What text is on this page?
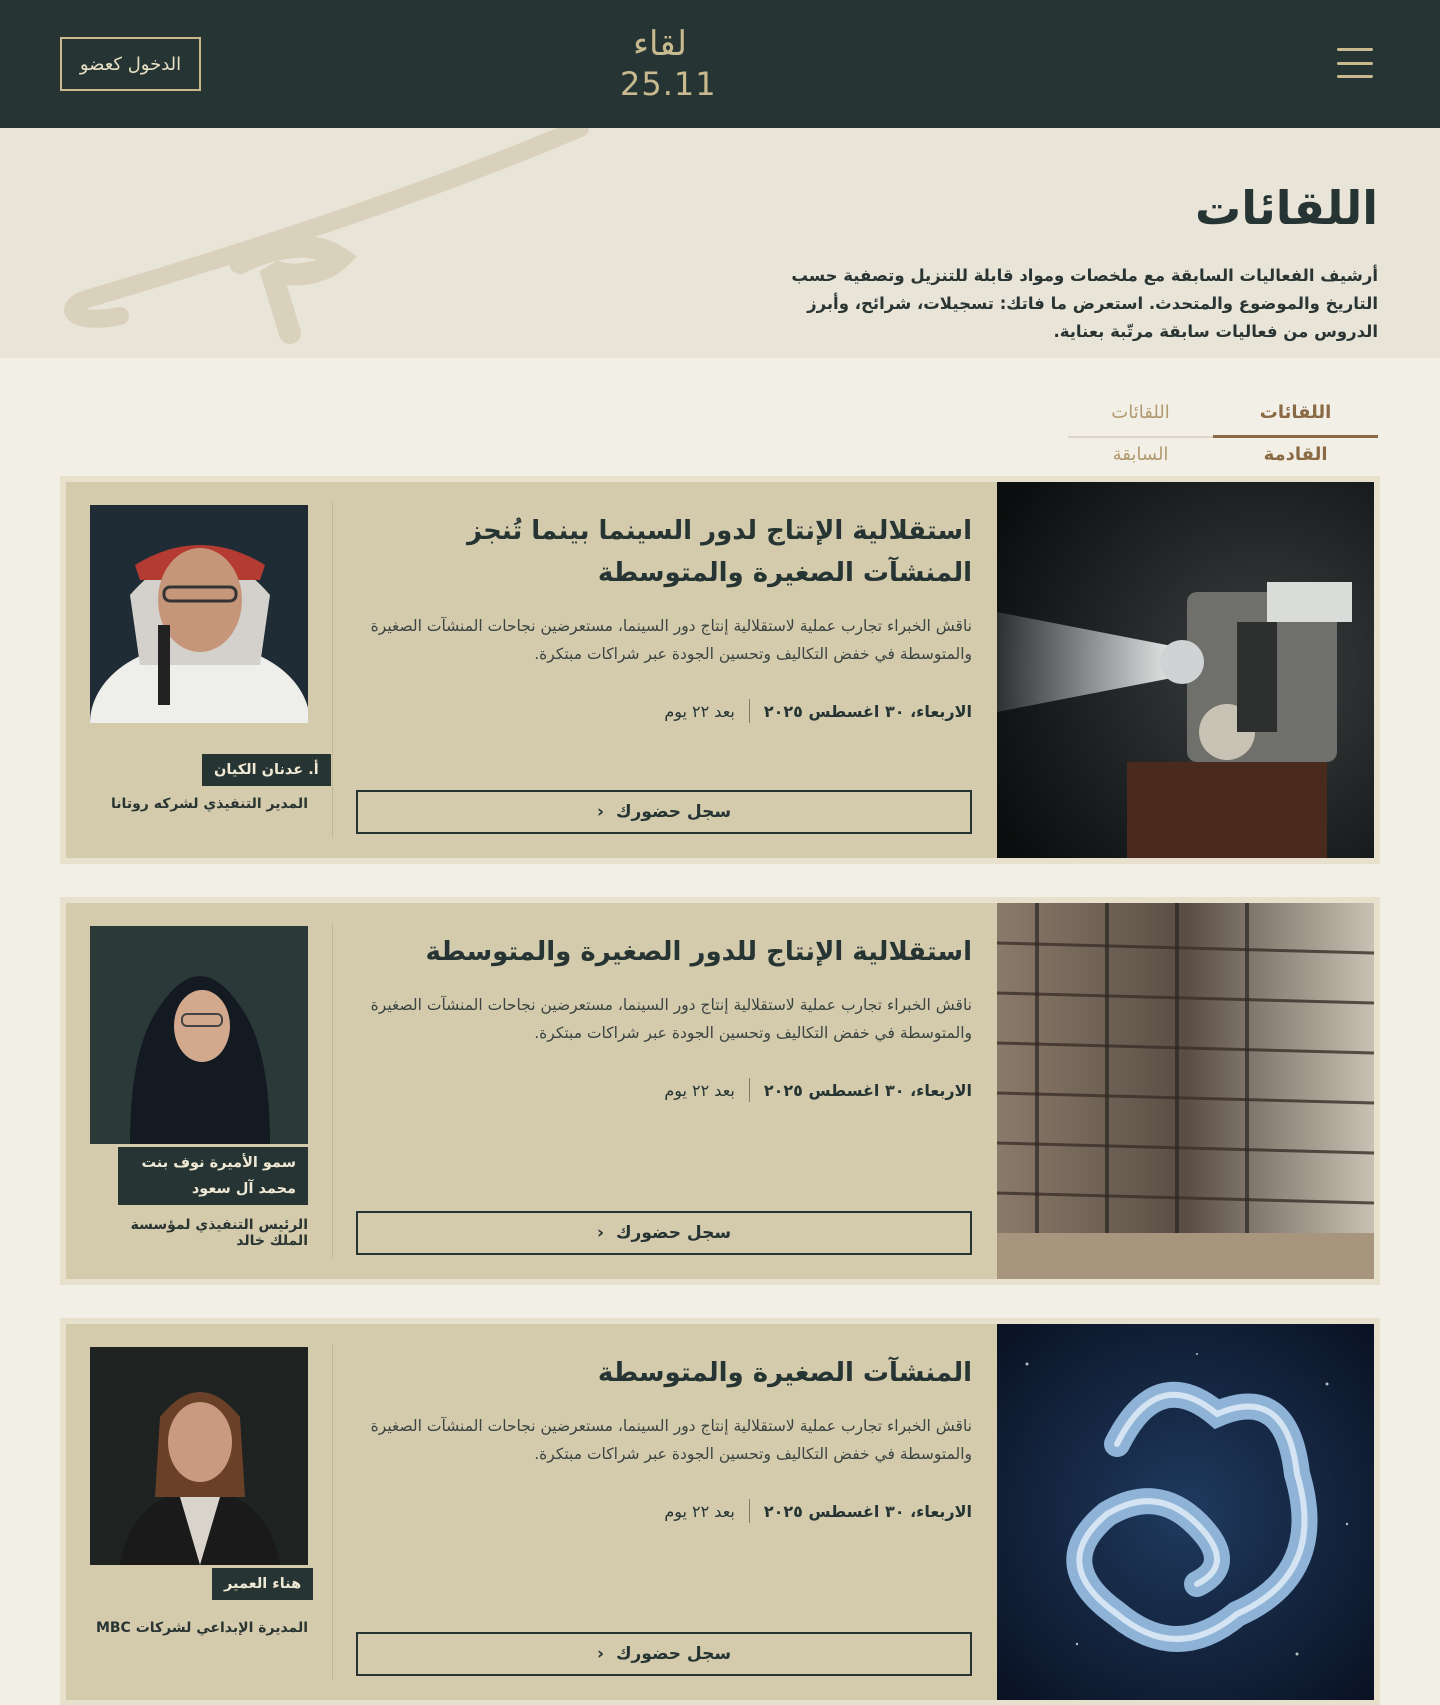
لقاء
25.11
الدخول كعضو
اللقائات

أرشيف الفعاليات السابقة مع ملخصات ومواد قابلة للتنزيل وتصفية حسب التاريخ والموضوع والمتحدث. استعرض ما فاتك: تسجيلات، شرائح، وأبرز الدروس من فعاليات سابقة مرتّبة بعناية.

اللقائات القادمة
اللقائات السابقة
استقلالية الإنتاج لدور السينما بينما تُنجز المنشآت الصغيرة والمتوسطة

ناقش الخبراء تجارب عملية لاستقلالية إنتاج دور السينما، مستعرضين نجاحات المنشآت الصغيرة والمتوسطة في خفض التكاليف وتحسين الجودة عبر شراكات مبتكرة.

الاربعاء، ٣٠ اغسطس ٢٠٢٥
بعد ٢٢ يوم
سجل حضورك
‹
أ. عدنان الكيان
المدير التنفيذي لشركه روتانا
استقلالية الإنتاج للدور الصغيرة والمتوسطة

ناقش الخبراء تجارب عملية لاستقلالية إنتاج دور السينما، مستعرضين نجاحات المنشآت الصغيرة والمتوسطة في خفض التكاليف وتحسين الجودة عبر شراكات مبتكرة.

الاربعاء، ٣٠ اغسطس ٢٠٢٥
بعد ٢٢ يوم
سجل حضورك
‹
سمو الأميرة نوف بنت محمد آل سعود
الرئيس التنفيذي لمؤسسة الملك خالد
المنشآت الصغيرة والمتوسطة

ناقش الخبراء تجارب عملية لاستقلالية إنتاج دور السينما، مستعرضين نجاحات المنشآت الصغيرة والمتوسطة في خفض التكاليف وتحسين الجودة عبر شراكات مبتكرة.

الاربعاء، ٣٠ اغسطس ٢٠٢٥
بعد ٢٢ يوم
سجل حضورك
‹
هناء العمير
المديرة الإبداعي لشركات MBC
